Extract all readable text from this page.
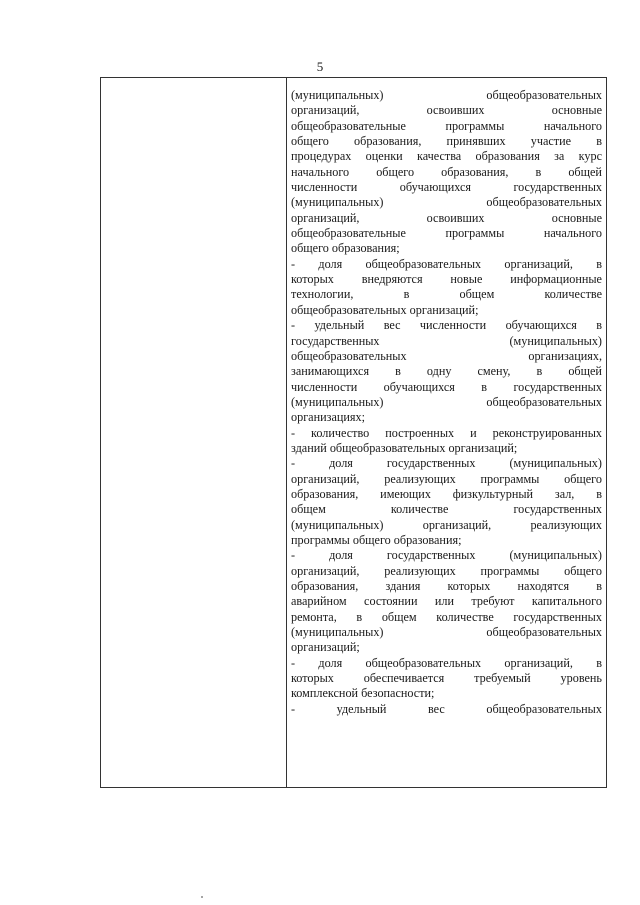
5
(муниципальных)	общеобразовательных
организаций,	освоивших	основные
общеобразовательные	программы	начального
общего образования, принявших участие в
процедурах оценки качества образования за курс
начального общего образования, в общей
численности	обучающихся	государственных
(муниципальных)	общеобразовательных
организаций,	освоивших	основные
общеобразовательные	программы	начального
общего образования;
- доля общеобразовательных организаций, в
которых внедряются новые информационные
технологии,	в	общем	количестве
общеобразовательных организаций;
- удельный вес численности обучающихся в
государственных	(муниципальных)
общеобразовательных	организациях,
занимающихся в одну смену, в общей
численности обучающихся в государственных
(муниципальных)	общеобразовательных
организациях;
- количество построенных и реконструированных
зданий общеобразовательных организаций;
-	доля	государственных	(муниципальных)
организаций, реализующих программы общего
образования, имеющих физкультурный зал, в
общем	количестве	государственных
(муниципальных)	организаций,	реализующих
программы общего образования;
-	доля	государственных	(муниципальных)
организаций, реализующих программы общего
образования, здания которых находятся в
аварийном состоянии или требуют капитального
ремонта, в общем количестве государственных
(муниципальных)	общеобразовательных
организаций;
- доля общеобразовательных организаций, в
которых обеспечивается требуемый уровень
комплексной безопасности;
-	удельный	вес	общеобразовательных
